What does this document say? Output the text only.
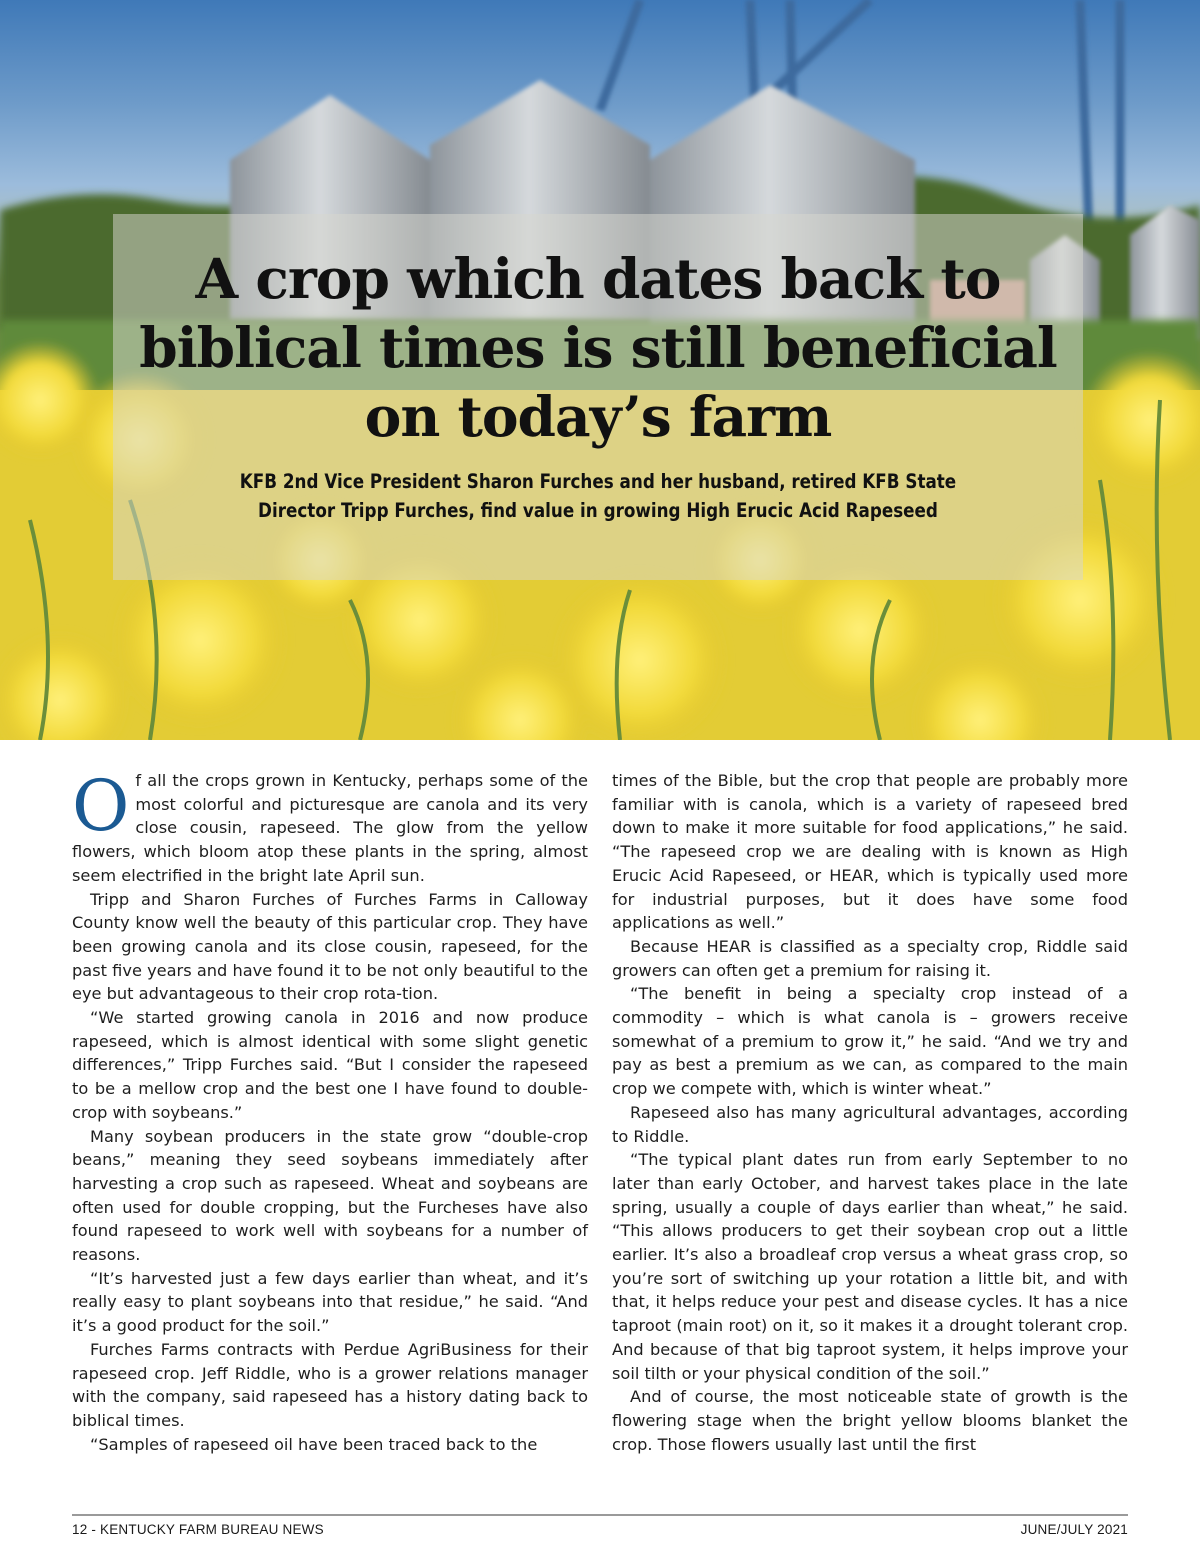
A crop which dates back to biblical times is still beneficial on today’s farm

KFB 2nd Vice President Sharon Furches and her husband, retired KFB State Director Tripp Furches, find value in growing High Erucic Acid Rapeseed

Of all the crops grown in Kentucky, perhaps some of the most colorful and picturesque are canola and its very close cousin, rapeseed. The glow from the yellow flowers, which bloom atop these plants in the spring, almost seem electrified in the bright late April sun.

Tripp and Sharon Furches of Furches Farms in Calloway County know well the beauty of this particular crop. They have been growing canola and its close cousin, rapeseed, for the past five years and have found it to be not only beautiful to the eye but advantageous to their crop rota-tion.

“We started growing canola in 2016 and now produce rapeseed, which is almost identical with some slight genetic differences,” Tripp Furches said. “But I consider the rapeseed to be a mellow crop and the best one I have found to double-crop with soybeans.”

Many soybean producers in the state grow “double-crop beans,” meaning they seed soybeans immediately after harvesting a crop such as rapeseed. Wheat and soybeans are often used for double cropping, but the Furcheses have also found rapeseed to work well with soybeans for a number of reasons.

“It’s harvested just a few days earlier than wheat, and it’s really easy to plant soybeans into that residue,” he said. “And it’s a good product for the soil.”

Furches Farms contracts with Perdue AgriBusiness for their rapeseed crop. Jeff Riddle, who is a grower relations manager with the company, said rapeseed has a history dating back to biblical times.

“Samples of rapeseed oil have been traced back to the

times of the Bible, but the crop that people are probably more familiar with is canola, which is a variety of rapeseed bred down to make it more suitable for food applications,” he said. “The rapeseed crop we are dealing with is known as High Erucic Acid Rapeseed, or HEAR, which is typically used more for industrial purposes, but it does have some food applications as well.”

Because HEAR is classified as a specialty crop, Riddle said growers can often get a premium for raising it.

“The benefit in being a specialty crop instead of a commodity – which is what canola is – growers receive somewhat of a premium to grow it,” he said. “And we try and pay as best a premium as we can, as compared to the main crop we compete with, which is winter wheat.”

Rapeseed also has many agricultural advantages, according to Riddle.

“The typical plant dates run from early September to no later than early October, and harvest takes place in the late spring, usually a couple of days earlier than wheat,” he said. “This allows producers to get their soybean crop out a little earlier. It’s also a broadleaf crop versus a wheat grass crop, so you’re sort of switching up your rotation a little bit, and with that, it helps reduce your pest and disease cycles. It has a nice taproot (main root) on it, so it makes it a drought tolerant crop. And because of that big taproot system, it helps improve your soil tilth or your physical condition of the soil.”

And of course, the most noticeable state of growth is the flowering stage when the bright yellow blooms blanket the crop. Those flowers usually last until the first

12 - KENTUCKY FARM BUREAU NEWS	JUNE/JULY 2021
